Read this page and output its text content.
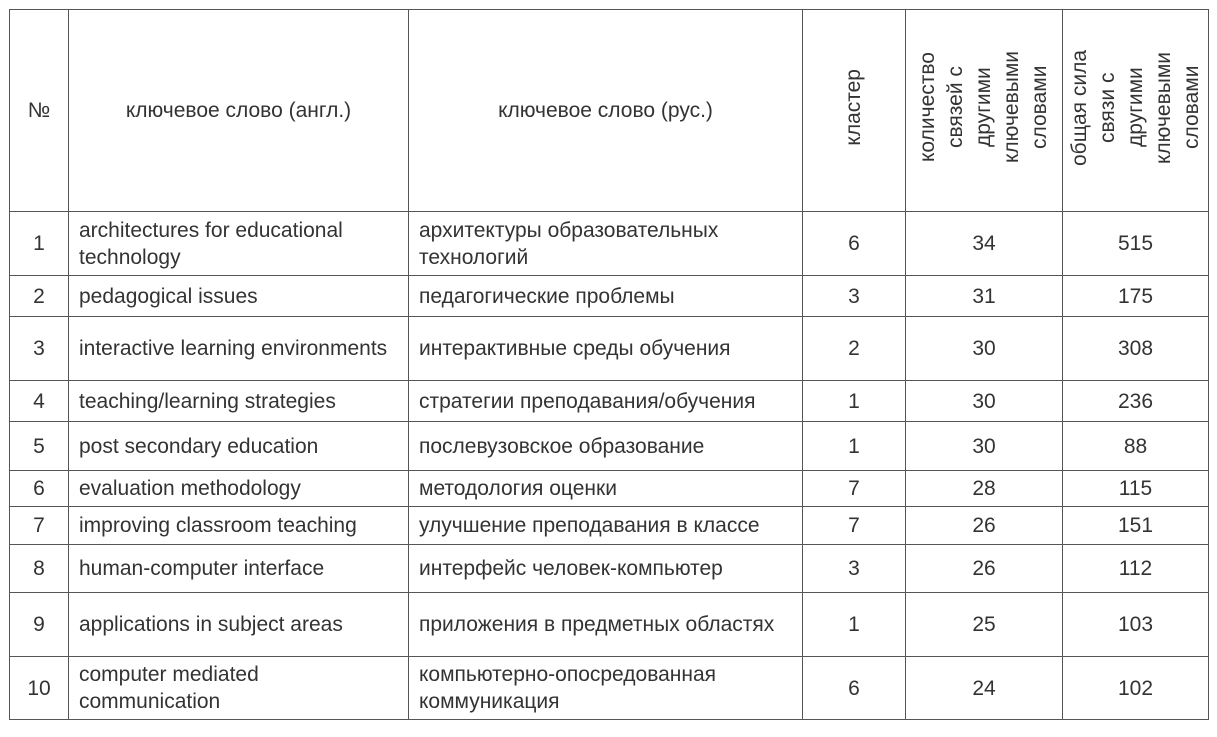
№	ключевое слово (англ.)	ключевое слово (рус.)	кластер	количество связей с другими ключевыми словами	общая сила связи с другими ключевыми словами
1	architectures for educational technology	архитектуры образовательных технологий	6	34	515
2	pedagogical issues	педагогические проблемы	3	31	175
3	interactive learning environments	интерактивные среды обучения	2	30	308
4	teaching/learning strategies	стратегии преподавания/обучения	1	30	236
5	post secondary education	послевузовское образование	1	30	88
6	evaluation methodology	методология оценки	7	28	115
7	improving classroom teaching	улучшение преподавания в классе	7	26	151
8	human-computer interface	интерфейс человек-компьютер	3	26	112
9	applications in subject areas	приложения в предметных областях	1	25	103
10	computer mediated communication	компьютерно-опосредованная коммуникация	6	24	102
